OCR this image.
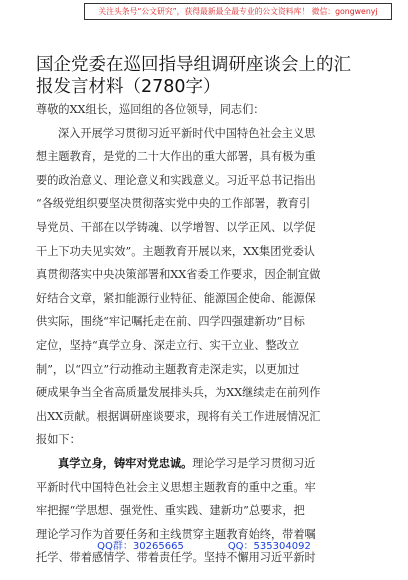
关注头条号“公文研究”，获得最新最全最专业的公文资料库！ 微信：gongwenyj
国企党委在巡回指导组调研座谈会上的汇
报发言材料（2780字）
尊敬的XX组长，巡回组的各位领导，同志们：
深入开展学习贯彻习近平新时代中国特色社会主义思
想主题教育，是党的二十大作出的重大部署，具有极为重
要的政治意义、理论意义和实践意义。习近平总书记指出
“各级党组织要坚决贯彻落实党中央的工作部署，教育引
导党员、干部在以学铸魂、以学增智、以学正风、以学促
干上下功夫见实效”。主题教育开展以来，XX集团党委认
真贯彻落实中央决策部署和XX省委工作要求，因企制宜做
好结合文章，紧扣能源行业特征、能源国企使命、能源保
供实际，围绕“牢记嘱托走在前、四学四强建新功”目标
定位，坚持“真学立身、深走立行、实干立业、整改立
制”，以“四立”行动推动主题教育走深走实，以更加过
硬成果争当全省高质量发展排头兵，为XX继续走在前列作
出XX贡献。根据调研座谈要求，现将有关工作进展情况汇
报如下：
真学立身，铸牢对党忠诚。理论学习是学习贯彻习近
平新时代中国特色社会主义思想主题教育的重中之重。牢
牢把握“学思想、强党性、重实践、建新功”总要求，把
理论学习作为首要任务和主线贯穿主题教育始终，带着嘱
托学、带着感情学、带着责任学。坚持不懈用习近平新时
QQ群：30265665	QQ：535304092
